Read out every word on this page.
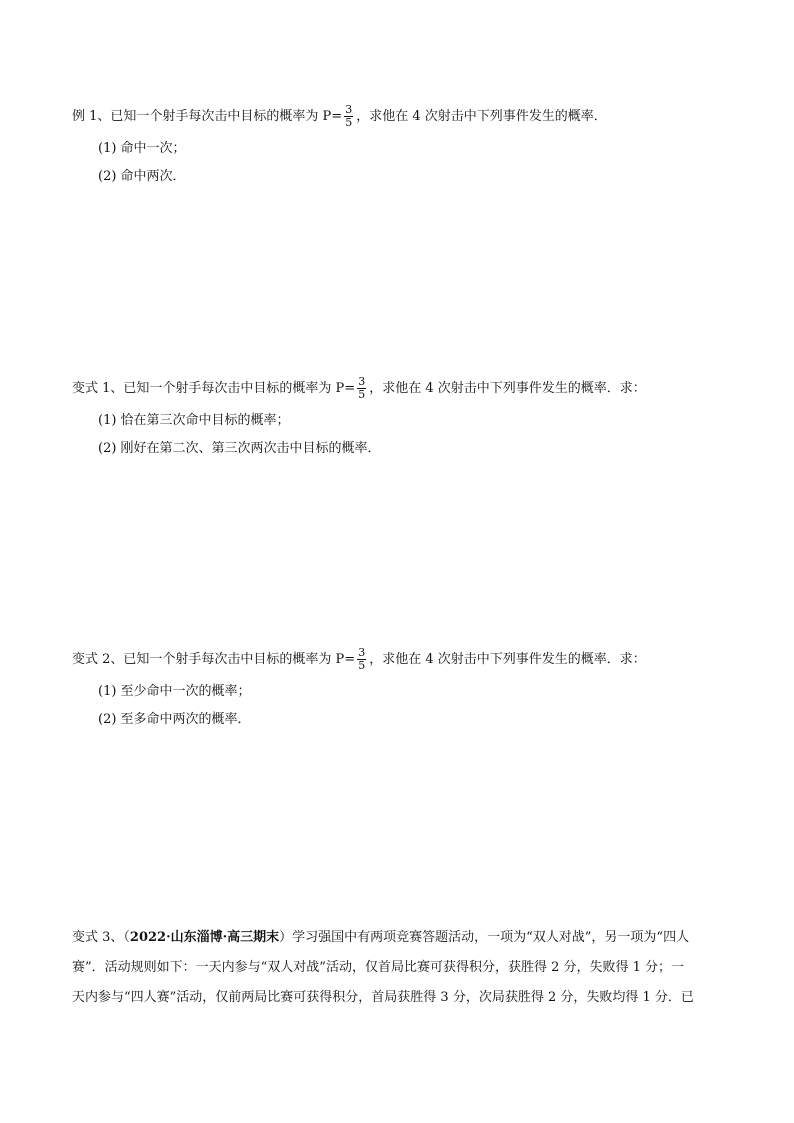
例 1、已知一个射手每次击中目标的概率为 $P= \frac{3}{5}$ ，求他在 4 次射击中下列事件发生的概率．
(1) 命中一次；
(2) 命中两次．
变式 1、已知一个射手每次击中目标的概率为 $P= \frac{3}{5}$ ，求他在 4 次射击中下列事件发生的概率．求：
(1) 恰在第三次命中目标的概率；
(2) 刚好在第二次、第三次两次击中目标的概率．
变式 2、已知一个射手每次击中目标的概率为 $P= \frac{3}{5}$ ，求他在 4 次射击中下列事件发生的概率．求：
(1) 至少命中一次的概率；
(2) 至多命中两次的概率．
变式 3、（2022·山东淄博·高三期末）学习强国中有两项竞赛答题活动，一项为“双人对战”，另一项为“四人
赛”．活动规则如下：一天内参与“双人对战”活动，仅首局比赛可获得积分，获胜得 2 分，失败得 1 分；一
天内参与“四人赛”活动，仅前两局比赛可获得积分，首局获胜得 3 分，次局获胜得 2 分，失败均得 1 分．已
